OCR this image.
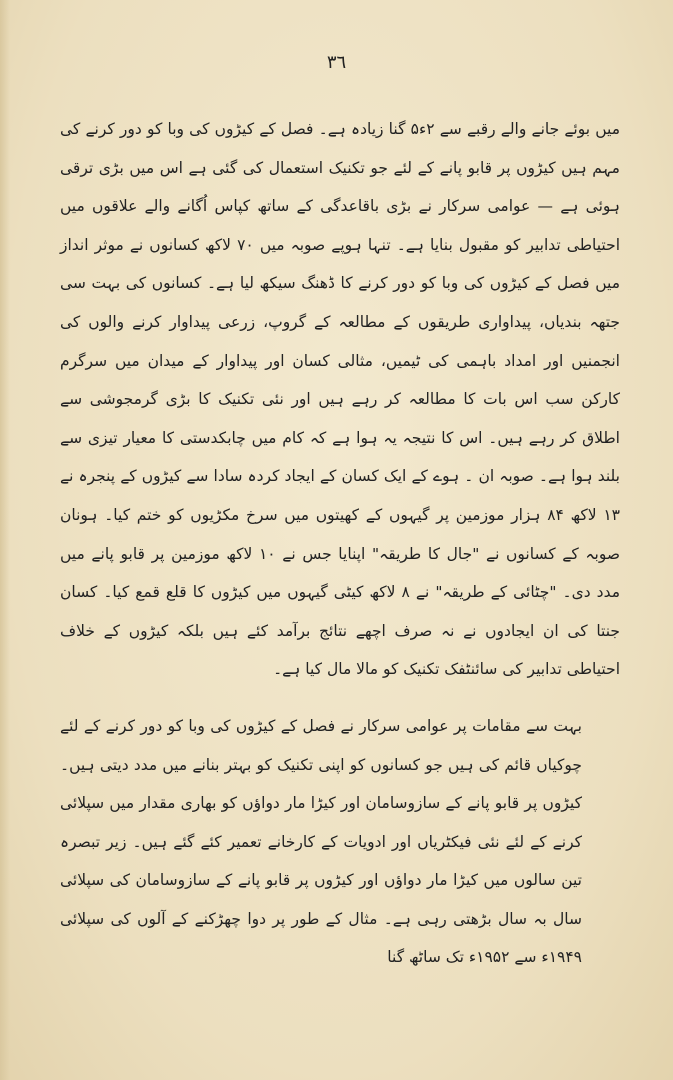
٣٦

میں بوئے جانے والے رقبے سے ۲ء۵ گنا زیادہ ہے۔ فصل کے کیڑوں کی وبا کو دور کرنے کی مہم ہیں کیڑوں پر قابو پانے کے لئے جو تکنیک استعمال کی گئی ہے اس میں بڑی ترقی ہوئی ہے — عوامی سرکار نے بڑی باقاعدگی کے ساتھ کپاس اُگانے والے علاقوں میں احتیاطی تدابیر کو مقبول بنایا ہے۔ تنہا ہوپے صوبہ میں ۷۰ لاکھ کسانوں نے موثر انداز میں فصل کے کیڑوں کی وبا کو دور کرنے کا ڈھنگ سیکھ لیا ہے۔ کسانوں کی بہت سی جتھہ بندیاں، پیداواری طریقوں کے مطالعہ کے گروپ، زرعی پیداوار کرنے والوں کی انجمنیں اور امداد باہمی کی ٹیمیں، مثالی کسان اور پیداوار کے میدان میں سرگرم کارکن سب اس بات کا مطالعہ کر رہے ہیں اور نئی تکنیک کا بڑی گرمجوشی سے اطلاق کر رہے ہیں۔ اس کا نتیجہ یہ ہوا ہے کہ کام میں چابکدستی کا معیار تیزی سے بلند ہوا ہے۔ صوبہ ان ۔ ہوے کے ایک کسان کے ایجاد کردہ سادا سے کیڑوں کے پنجرہ نے ۱۳ لاکھ ۸۴ ہزار موزمین پر گیہوں کے کھیتوں میں سرخ مکڑیوں کو ختم کیا۔ ہونان صوبہ کے کسانوں نے "جال کا طریقہ" اپنایا جس نے ۱۰ لاکھ موزمین پر قابو پانے میں مدد دی۔ "چٹائی کے طریقہ" نے ۸ لاکھ کیٹی گیہوں میں کیڑوں کا قلع قمع کیا۔ کسان جنتا کی ان ایجادوں نے نہ صرف اچھے نتائج برآمد کئے ہیں بلکہ کیڑوں کے خلاف احتیاطی تدابیر کی سائنٹفک تکنیک کو مالا مال کیا ہے۔

بہت سے مقامات پر عوامی سرکار نے فصل کے کیڑوں کی وبا کو دور کرنے کے لئے چوکیاں قائم کی ہیں جو کسانوں کو اپنی تکنیک کو بہتر بنانے میں مدد دیتی ہیں۔ کیڑوں پر قابو پانے کے سازوسامان اور کیڑا مار دواؤں کو بھاری مقدار میں سپلائی کرنے کے لئے نئی فیکٹریاں اور ادویات کے کارخانے تعمیر کئے گئے ہیں۔ زیر تبصرہ تین سالوں میں کیڑا مار دواؤں اور کیڑوں پر قابو پانے کے سازوسامان کی سپلائی سال بہ سال بڑھتی رہی ہے۔ مثال کے طور پر دوا چھڑکنے کے آلوں کی سپلائی ۱۹۴۹ء سے ۱۹۵۲ء تک ساٹھ گنا
